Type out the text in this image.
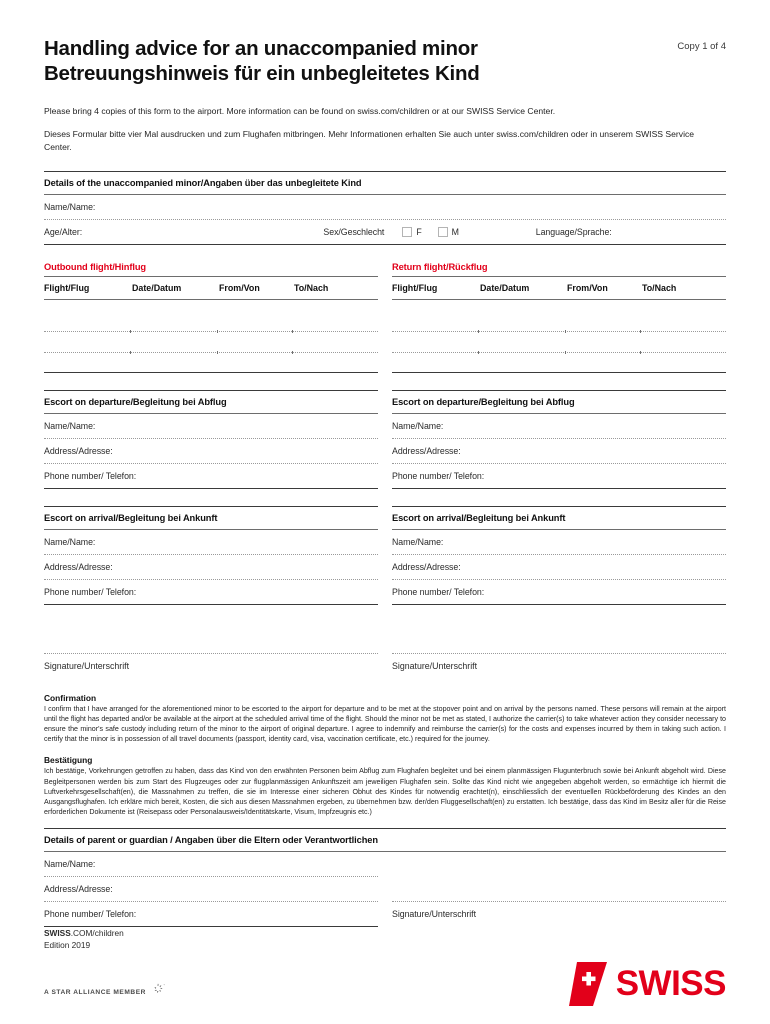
Handling advice for an unaccompanied minor
Betreuungshinweis für ein unbegleitetes Kind
Copy 1 of 4

Please bring 4 copies of this form to the airport. More information can be found on swiss.com/children or at our SWISS Service Center.

Dieses Formular bitte vier Mal ausdrucken und zum Flughafen mitbringen. Mehr Informationen erhalten Sie auch unter swiss.com/children oder in unserem SWISS Service Center.

Details of the unaccompanied minor/Angaben über das unbegleitete Kind
Name/Name:
Age/Alter:	Sex/Geschlecht	F	M	Language/Sprache:
Outbound flight/Hinflug
Flight/Flug	Date/Datum	From/Von	To/Nach
Return flight/Rückflug
Flight/Flug	Date/Datum	From/Von	To/Nach
Escort on departure/Begleitung bei Abflug
Name/Name:
Address/Adresse:
Phone number/ Telefon:
Escort on departure/Begleitung bei Abflug
Name/Name:
Address/Adresse:
Phone number/ Telefon:
Escort on arrival/Begleitung bei Ankunft
Name/Name:
Address/Adresse:
Phone number/ Telefon:
Signature/Unterschrift
Escort on arrival/Begleitung bei Ankunft
Name/Name:
Address/Adresse:
Phone number/ Telefon:
Signature/Unterschrift
Confirmation

I confirm that I have arranged for the aforementioned minor to be escorted to the airport for departure and to be met at the stopover point and on arrival by the persons named. These persons will remain at the airport until the flight has departed and/or be available at the airport at the scheduled arrival time of the flight. Should the minor not be met as stated, I authorize the carrier(s) to take whatever action they consider necessary to ensure the minor's safe custody including return of the minor to the airport of original departure. I agree to indemnify and reimburse the carrier(s) for the costs and expenses incurred by them in taking such action. I certify that the minor is in possession of all travel documents (passport, identity card, visa, vaccination certificate, etc.) required for the journey.

Bestätigung

Ich bestätige, Vorkehrungen getroffen zu haben, dass das Kind von den erwähnten Personen beim Abflug zum Flughafen begleitet und bei einem planmässigen Flugunterbruch sowie bei Ankunft abgeholt wird. Diese Begleitpersonen werden bis zum Start des Flugzeuges oder zur flugplanmässigen Ankunftszeit am jeweiligen Flughafen sein. Sollte das Kind nicht wie angegeben abgeholt werden, so ermächtige ich hiermit die Luftverkehrsgesellschaft(en), die Massnahmen zu treffen, die sie im Interesse einer sicheren Obhut des Kindes für notwendig erachtet(n), einschliesslich der eventuellen Rückbeförderung des Kindes an den Ausgangsflughafen. Ich erkläre mich bereit, Kosten, die sich aus diesen Massnahmen ergeben, zu übernehmen bzw. der/den Fluggesellschaft(en) zu erstatten. Ich bestätige, dass das Kind im Besitz aller für die Reise erforderlichen Dokumente ist (Reisepass oder Personalausweis/Identitätskarte, Visum, Impfzeugnis etc.)

Details of parent or guardian / Angaben über die Eltern oder Verantwortlichen
Name/Name:
Address/Adresse:
Phone number/ Telefon:	Signature/Unterschrift
SWISS.COM/children
Edition 2019
A STAR ALLIANCE MEMBER	SWISS
